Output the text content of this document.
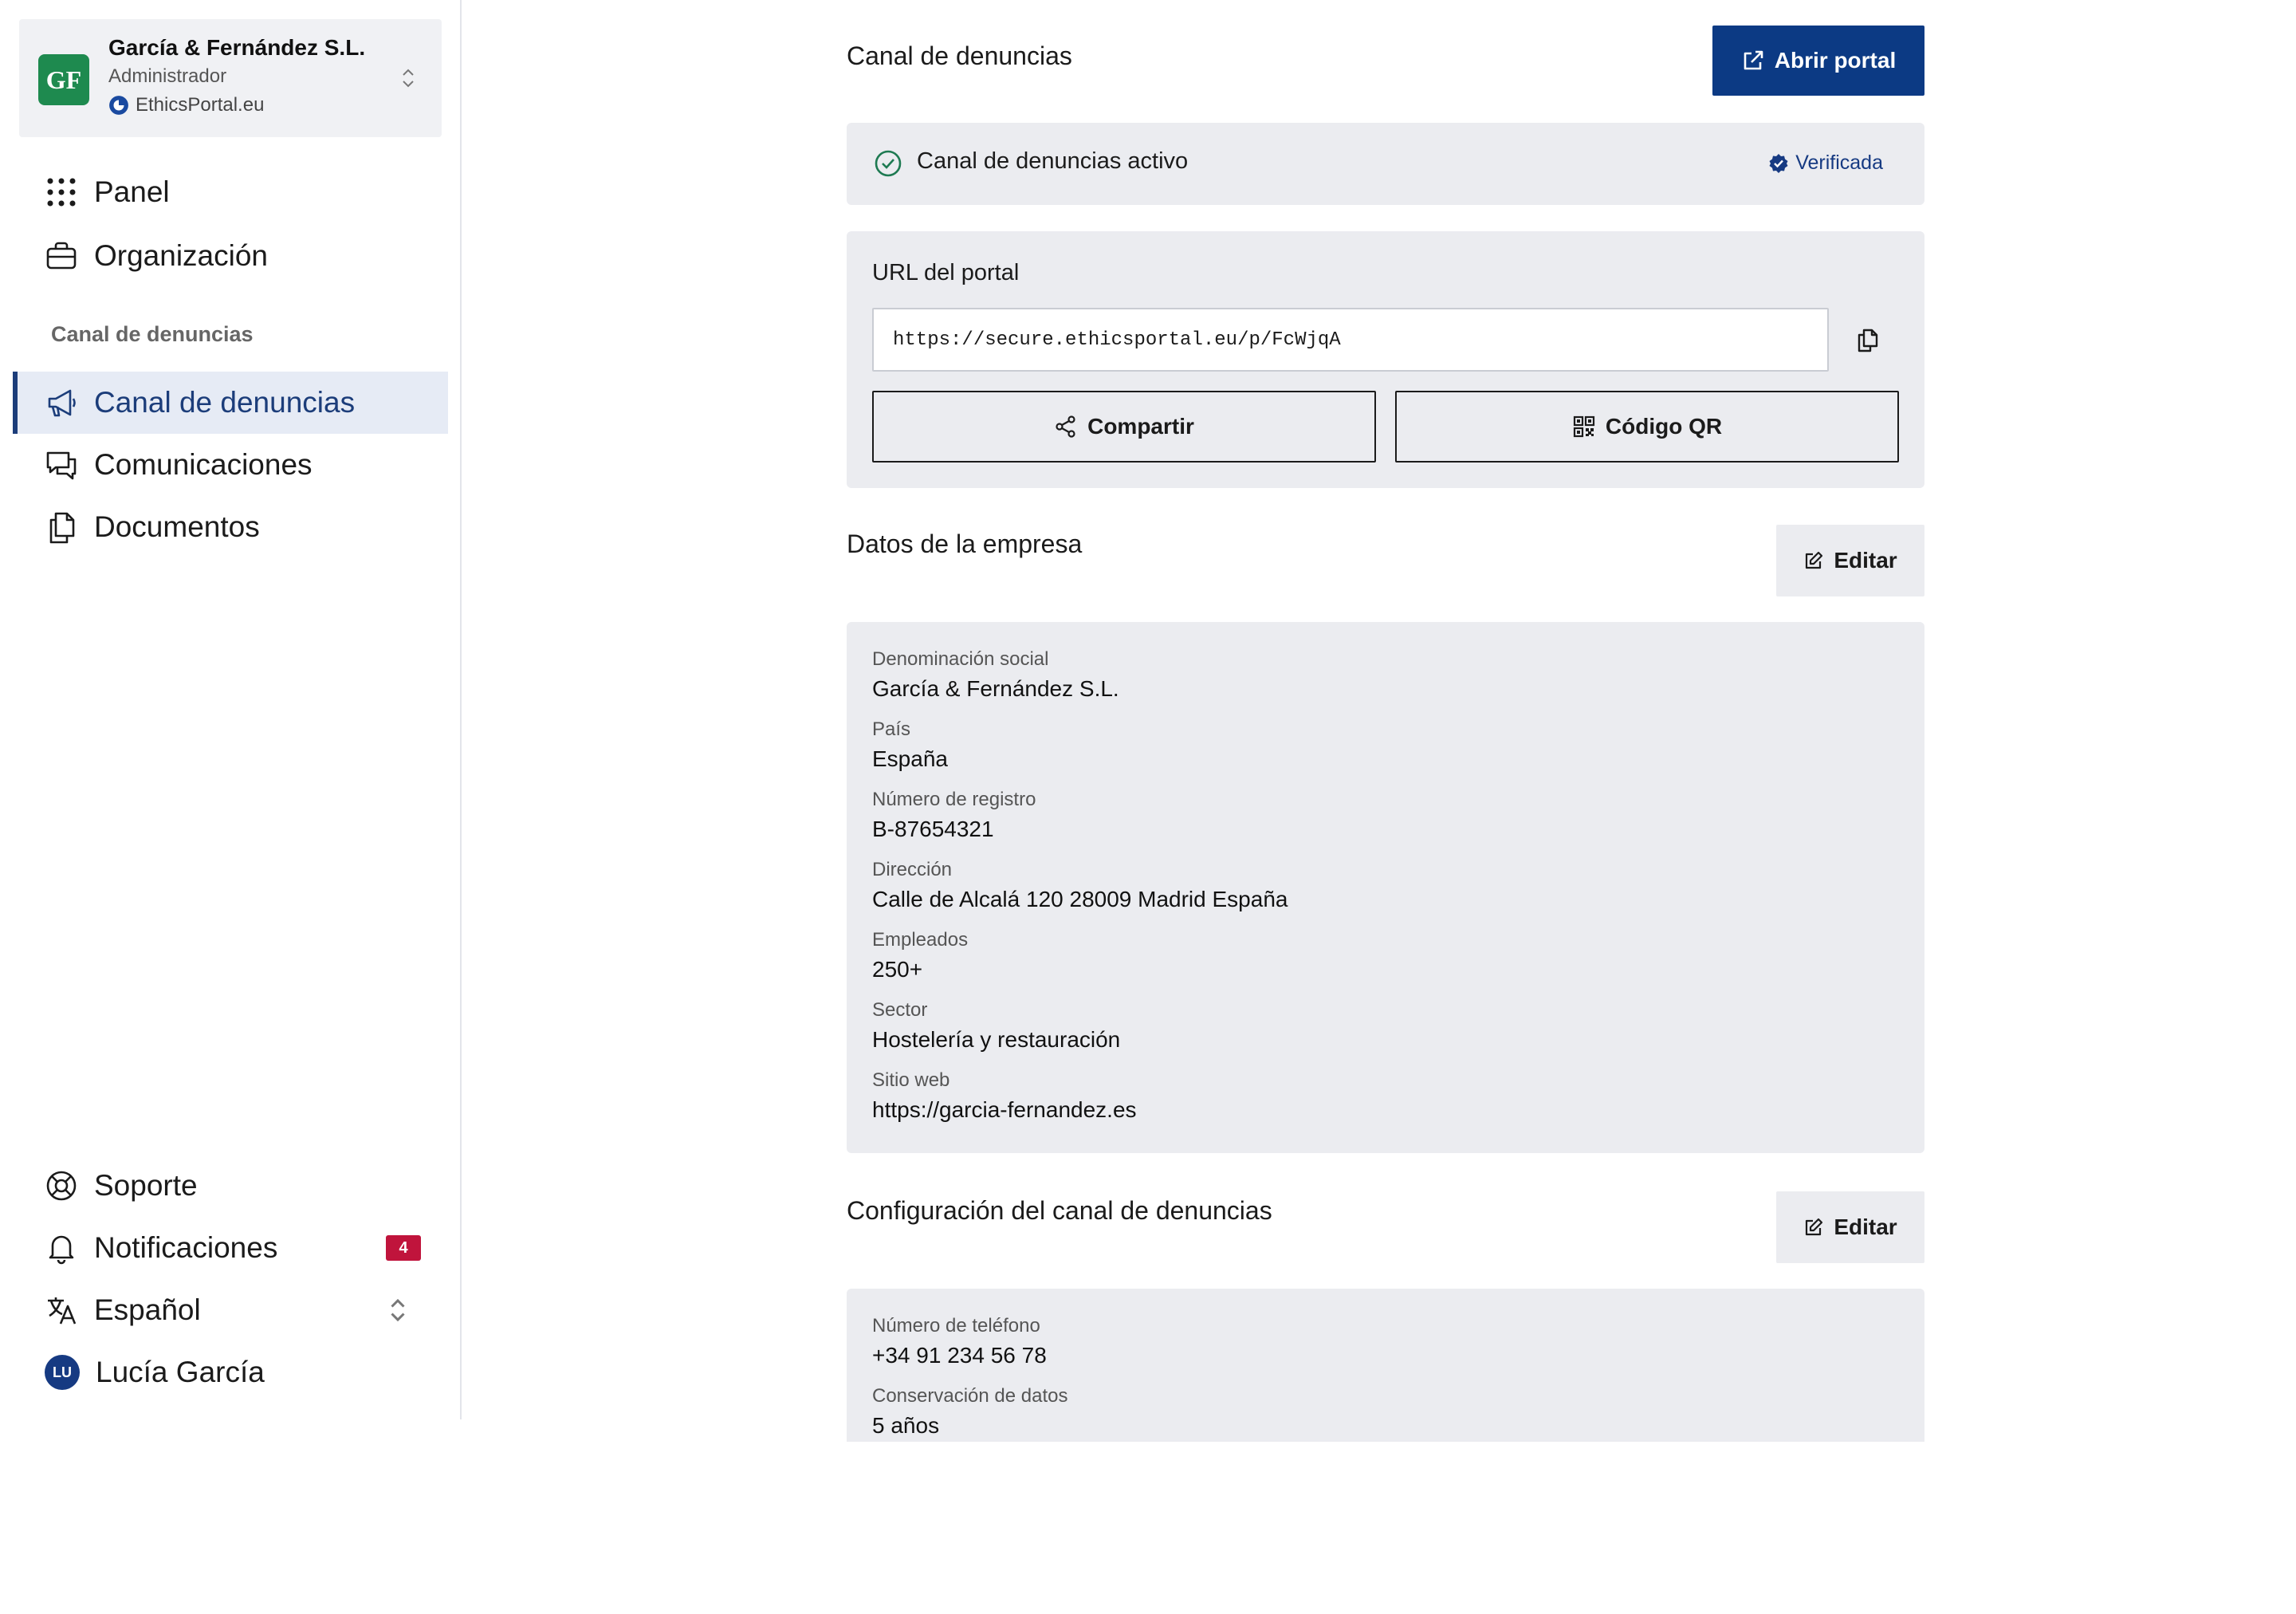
GF
García & Fernández S.L.
Administrador
EthicsPortal.eu
Panel
Organización
Canal de denuncias
Canal de denuncias
Comunicaciones
Documentos
Soporte
Notificaciones	4
Español
LU Lucía García
Canal de denuncias	Abrir portal
Canal de denuncias activo	Verificada
URL del portal
https://secure.ethicsportal.eu/p/FcWjqA
Compartir	Código QR
Datos de la empresa
Editar
Denominación social
García & Fernández S.L.
País
España
Número de registro
B-87654321
Dirección
Calle de Alcalá 120 28009 Madrid España
Empleados
250+
Sector
Hostelería y restauración
Sitio web
https://garcia-fernandez.es
Configuración del canal de denuncias
Editar
Número de teléfono
+34 91 234 56 78
Conservación de datos
5 años
